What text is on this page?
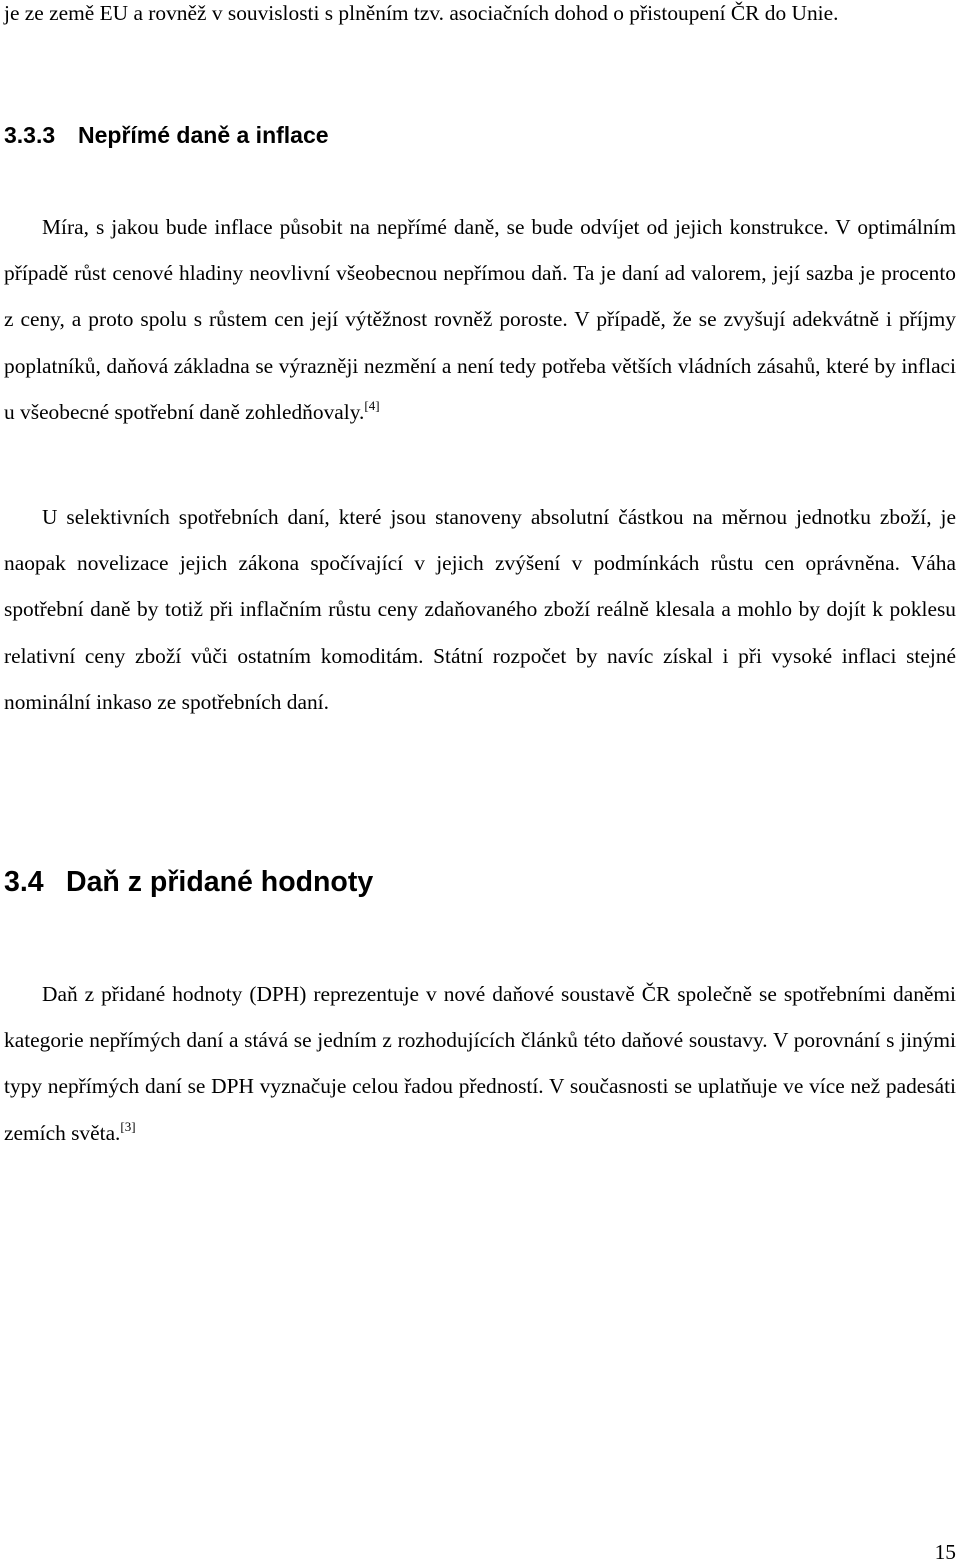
je ze země EU a rovněž v souvislosti s plněním tzv. asociačních dohod o přistoupení ČR do Unie.

3.3.3 Nepřímé daně a inflace

Míra, s jakou bude inflace působit na nepřímé daně, se bude odvíjet od jejich konstrukce. V optimálním případě růst cenové hladiny neovlivní všeobecnou nepřímou daň. Ta je daní ad valorem, její sazba je procento z ceny, a proto spolu s růstem cen její výtěžnost rovněž poroste. V případě, že se zvyšují adekvátně i příjmy poplatníků, daňová základna se výrazněji nezmění a není tedy potřeba větších vládních zásahů, které by inflaci u všeobecné spotřební daně zohledňovaly.[4]

U selektivních spotřebních daní, které jsou stanoveny absolutní částkou na měrnou jednotku zboží, je naopak novelizace jejich zákona spočívající v jejich zvýšení v podmínkách růstu cen oprávněna. Váha spotřební daně by totiž při inflačním růstu ceny zdaňovaného zboží reálně klesala a mohlo by dojít k poklesu relativní ceny zboží vůči ostatním komoditám. Státní rozpočet by navíc získal i při vysoké inflaci stejné nominální inkaso ze spotřebních daní.

3.4 Daň z přidané hodnoty

Daň z přidané hodnoty (DPH) reprezentuje v nové daňové soustavě ČR společně se spotřebními daněmi kategorie nepřímých daní a stává se jedním z rozhodujících článků této daňové soustavy. V porovnání s jinými typy nepřímých daní se DPH vyznačuje celou řadou předností. V současnosti se uplatňuje ve více než padesáti zemích světa.[3]

15
